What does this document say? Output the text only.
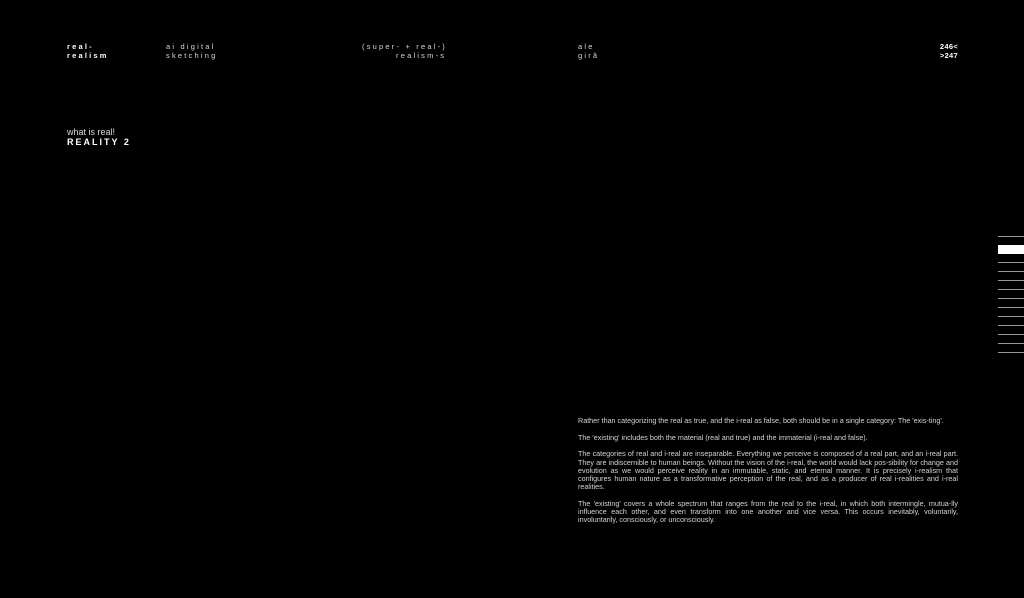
real-
realism
ai digital
sketching
(super- + real-)
realism-s
ale
girâ
246<
>247
what is real!
REALITY 2

Rather than categorizing the real as true, and the i-real as false, both should be in a single category: The 'exis-ting'.

The 'existing' includes both the material (real and true) and the immaterial (i-real and false).

The categories of real and i-real are inseparable. Everything we perceive is composed of a real part, and an i-real part. They are indiscernible to human beings. Without the vision of the i-real, the world would lack pos-sibility for change and evolution as we would perceive reality in an immutable, static, and eternal manner. It is precisely i-realism that configures human nature as a transformative perception of the real, and as a producer of real i-realities and i-real realities.

The 'existing' covers a whole spectrum that ranges from the real to the i-real, in which both intermingle, mutua-lly influence each other, and even transform into one another and vice versa. This occurs inevitably, voluntarily, involuntarily, consciously, or unconsciously.
